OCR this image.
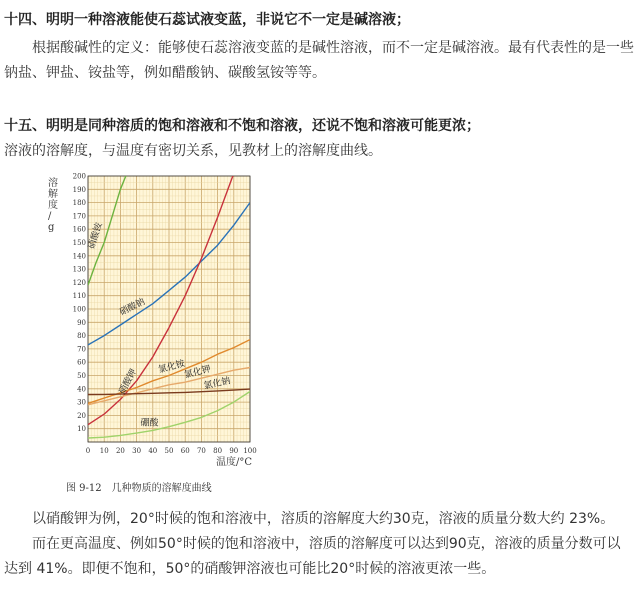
十四、明明一种溶液能使石蕊试液变蓝，非说它不一定是碱溶液；

根据酸碱性的定义：能够使石蕊溶液变蓝的是碱性溶液，而不一定是碱溶液。最有代表性的是一些钠盐、钾盐、铵盐等，例如醋酸钠、碳酸氢铵等等。

十五、明明是同种溶质的饱和溶液和不饱和溶液，还说不饱和溶液可能更浓；

溶液的溶解度，与温度有密切关系，见教材上的溶解度曲线。

硝酸铵
硝酸钠
硝酸钾
氯化铵
氯化钾
氯化钠
硼酸
0 10 20 30 40 50 60 70 80 90 100
10
20
30
40
50
60
70
80
90
100
110
120
130
140
150
160
170
180
190
200
溶解度/ g
温度/°C
图 9-12　几种物质的溶解度曲线

以硝酸钾为例，20°时候的饱和溶液中，溶质的溶解度大约30克，溶液的质量分数大约 23%。

而在更高温度、例如50°时候的饱和溶液中，溶质的溶解度可以达到90克，溶液的质量分数可以达到 41%。即便不饱和，50°的硝酸钾溶液也可能比20°时候的溶液更浓一些。
